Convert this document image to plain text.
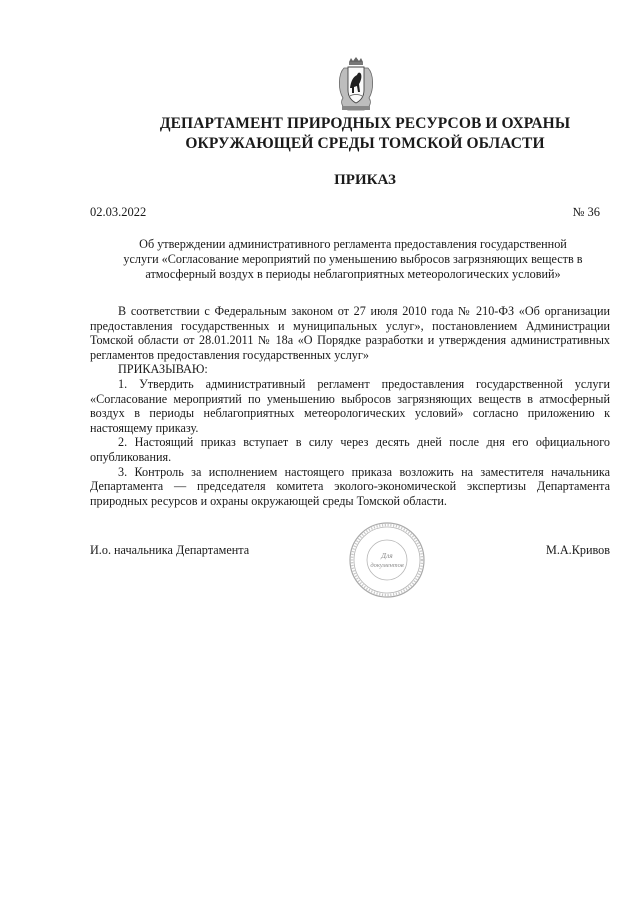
ДЕПАРТАМЕНТ ПРИРОДНЫХ РЕСУРСОВ И ОХРАНЫ
ОКРУЖАЮЩЕЙ СРЕДЫ ТОМСКОЙ ОБЛАСТИ
ПРИКАЗ
02.03.2022	№ 36
Об утверждении административного регламента предоставления государственной
услуги «Согласование мероприятий по уменьшению выбросов загрязняющих веществ в
атмосферный воздух в периоды неблагоприятных метеорологических условий»

В соответствии с Федеральным законом от 27 июля 2010 года № 210-ФЗ «Об организации предоставления государственных и муниципальных услуг», постановлением Администрации Томской области от 28.01.2011 № 18а «О Порядке разработки и утверждения административных регламентов предоставления государственных услуг»

ПРИКАЗЫВАЮ:

1. Утвердить административный регламент предоставления государственной услуги «Согласование мероприятий по уменьшению выбросов загрязняющих веществ в атмосферный воздух в периоды неблагоприятных метеорологических условий» согласно приложению к настоящему приказу.

2. Настоящий приказ вступает в силу через десять дней после дня его официального опубликования.

3. Контроль за исполнением настоящего приказа возложить на заместителя начальника Департамента — председателя комитета эколого-экономической экспертизы Департамента природных ресурсов и охраны окружающей среды Томской области.

И.о. начальника Департамента	М.А.Кривов
Для
документов
